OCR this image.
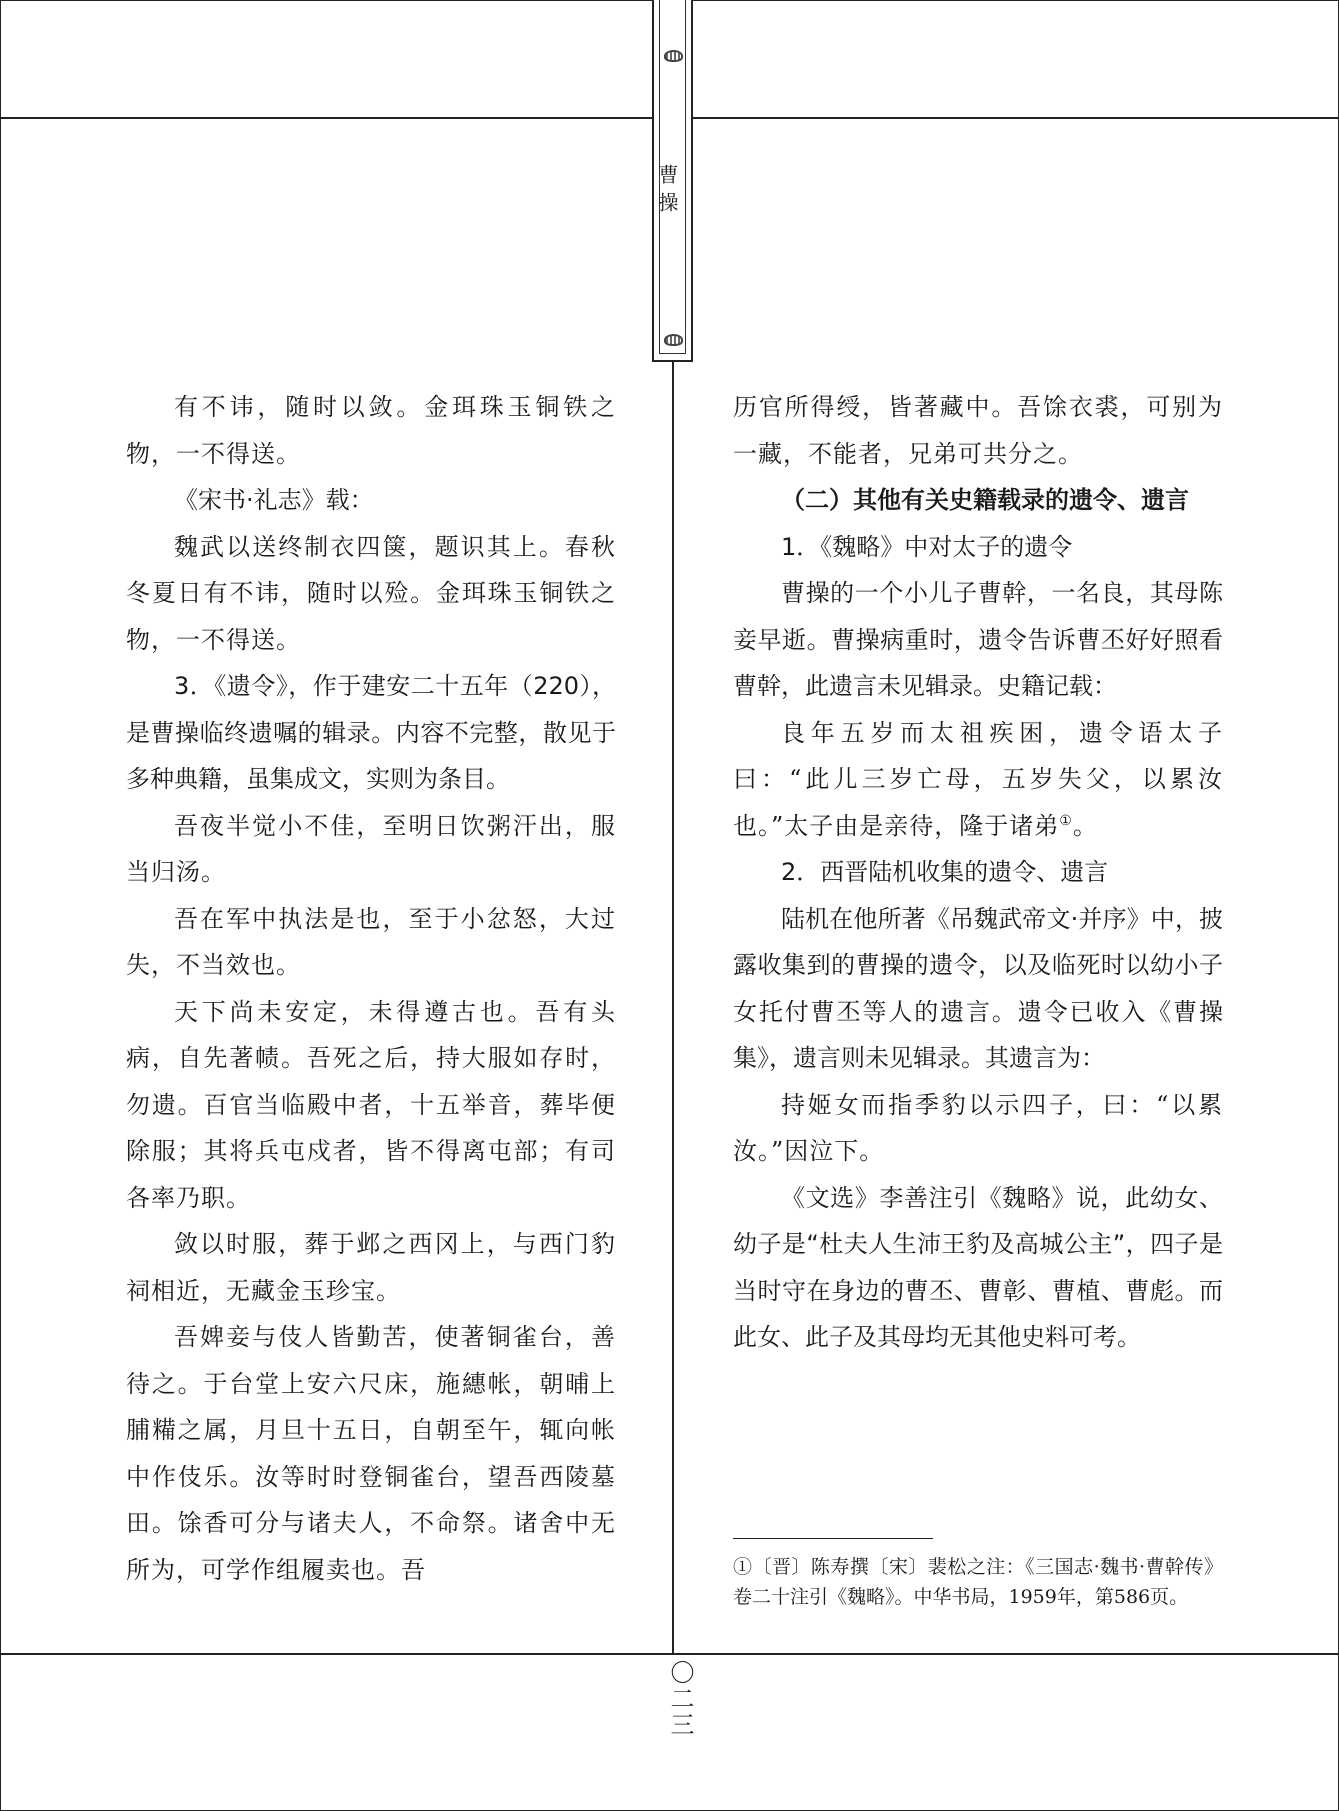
曹操

有不讳，随时以敛。金珥珠玉铜铁之物，一不得送。

《宋书·礼志》载：

魏武以送终制衣四箧，题识其上。春秋冬夏日有不讳，随时以殓。金珥珠玉铜铁之物，一不得送。

3．《遗令》，作于建安二十五年（220），是曹操临终遗嘱的辑录。内容不完整，散见于多种典籍，虽集成文，实则为条目。

吾夜半觉小不佳，至明日饮粥汗出，服当归汤。

吾在军中执法是也，至于小忿怒，大过失，不当效也。

天下尚未安定，未得遵古也。吾有头病，自先著帻。吾死之后，持大服如存时，勿遗。百官当临殿中者，十五举音，葬毕便除服；其将兵屯戍者，皆不得离屯部；有司各率乃职。

敛以时服，葬于邺之西冈上，与西门豹祠相近，无藏金玉珍宝。

吾婢妾与伎人皆勤苦，使著铜雀台，善待之。于台堂上安六尺床，施繐帐，朝晡上脯糒之属，月旦十五日，自朝至午，辄向帐中作伎乐。汝等时时登铜雀台，望吾西陵墓田。馀香可分与诸夫人，不命祭。诸舍中无所为，可学作组履卖也。吾

历官所得绶，皆著藏中。吾馀衣裘，可别为一藏，不能者，兄弟可共分之。

（二）其他有关史籍载录的遗令、遗言

1．《魏略》中对太子的遗令

曹操的一个小儿子曹幹，一名良，其母陈妾早逝。曹操病重时，遗令告诉曹丕好好照看曹幹，此遗言未见辑录。史籍记载：

良年五岁而太祖疾困，遗令语太子曰：“此儿三岁亡母，五岁失父，以累汝也。”太子由是亲待，隆于诸弟①。

2．西晋陆机收集的遗令、遗言

陆机在他所著《吊魏武帝文·并序》中，披露收集到的曹操的遗令，以及临死时以幼小子女托付曹丕等人的遗言。遗令已收入《曹操集》，遗言则未见辑录。其遗言为：

持姬女而指季豹以示四子，曰：“以累汝。”因泣下。

《文选》李善注引《魏略》说，此幼女、幼子是“杜夫人生沛王豹及高城公主”，四子是当时守在身边的曹丕、曹彰、曹植、曹彪。而此女、此子及其母均无其他史料可考。

①〔晋〕陈寿撰〔宋〕裴松之注：《三国志·魏书·曹幹传》卷二十注引《魏略》。中华书局，1959年，第586页。
〇二三
